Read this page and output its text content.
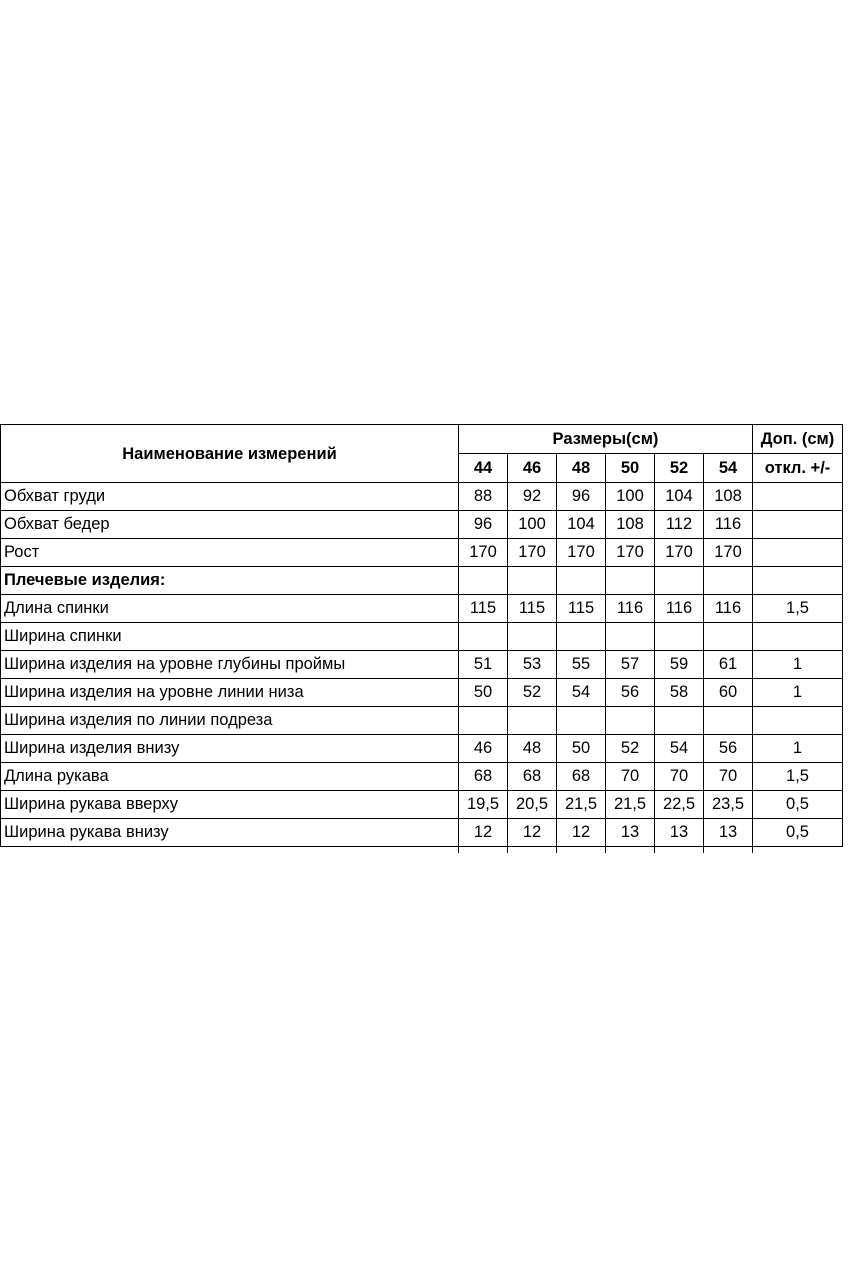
Наименование измерений	Размеры(см)						Доп. (см)
	44	46	48	50	52	54	откл. +/-
Обхват груди	88	92	96	100	104	108	
Обхват бедер	96	100	104	108	112	116	
Рост	170	170	170	170	170	170	
Плечевые изделия:							
Длина спинки	115	115	115	116	116	116	1,5
Ширина спинки							
Ширина изделия на уровне глубины проймы	51	53	55	57	59	61	1
Ширина изделия на уровне линии низа	50	52	54	56	58	60	1
Ширина изделия по линии подреза							
Ширина изделия внизу	46	48	50	52	54	56	1
Длина рукава	68	68	68	70	70	70	1,5
Ширина рукава вверху	19,5	20,5	21,5	21,5	22,5	23,5	0,5
Ширина рукава внизу	12	12	12	13	13	13	0,5
